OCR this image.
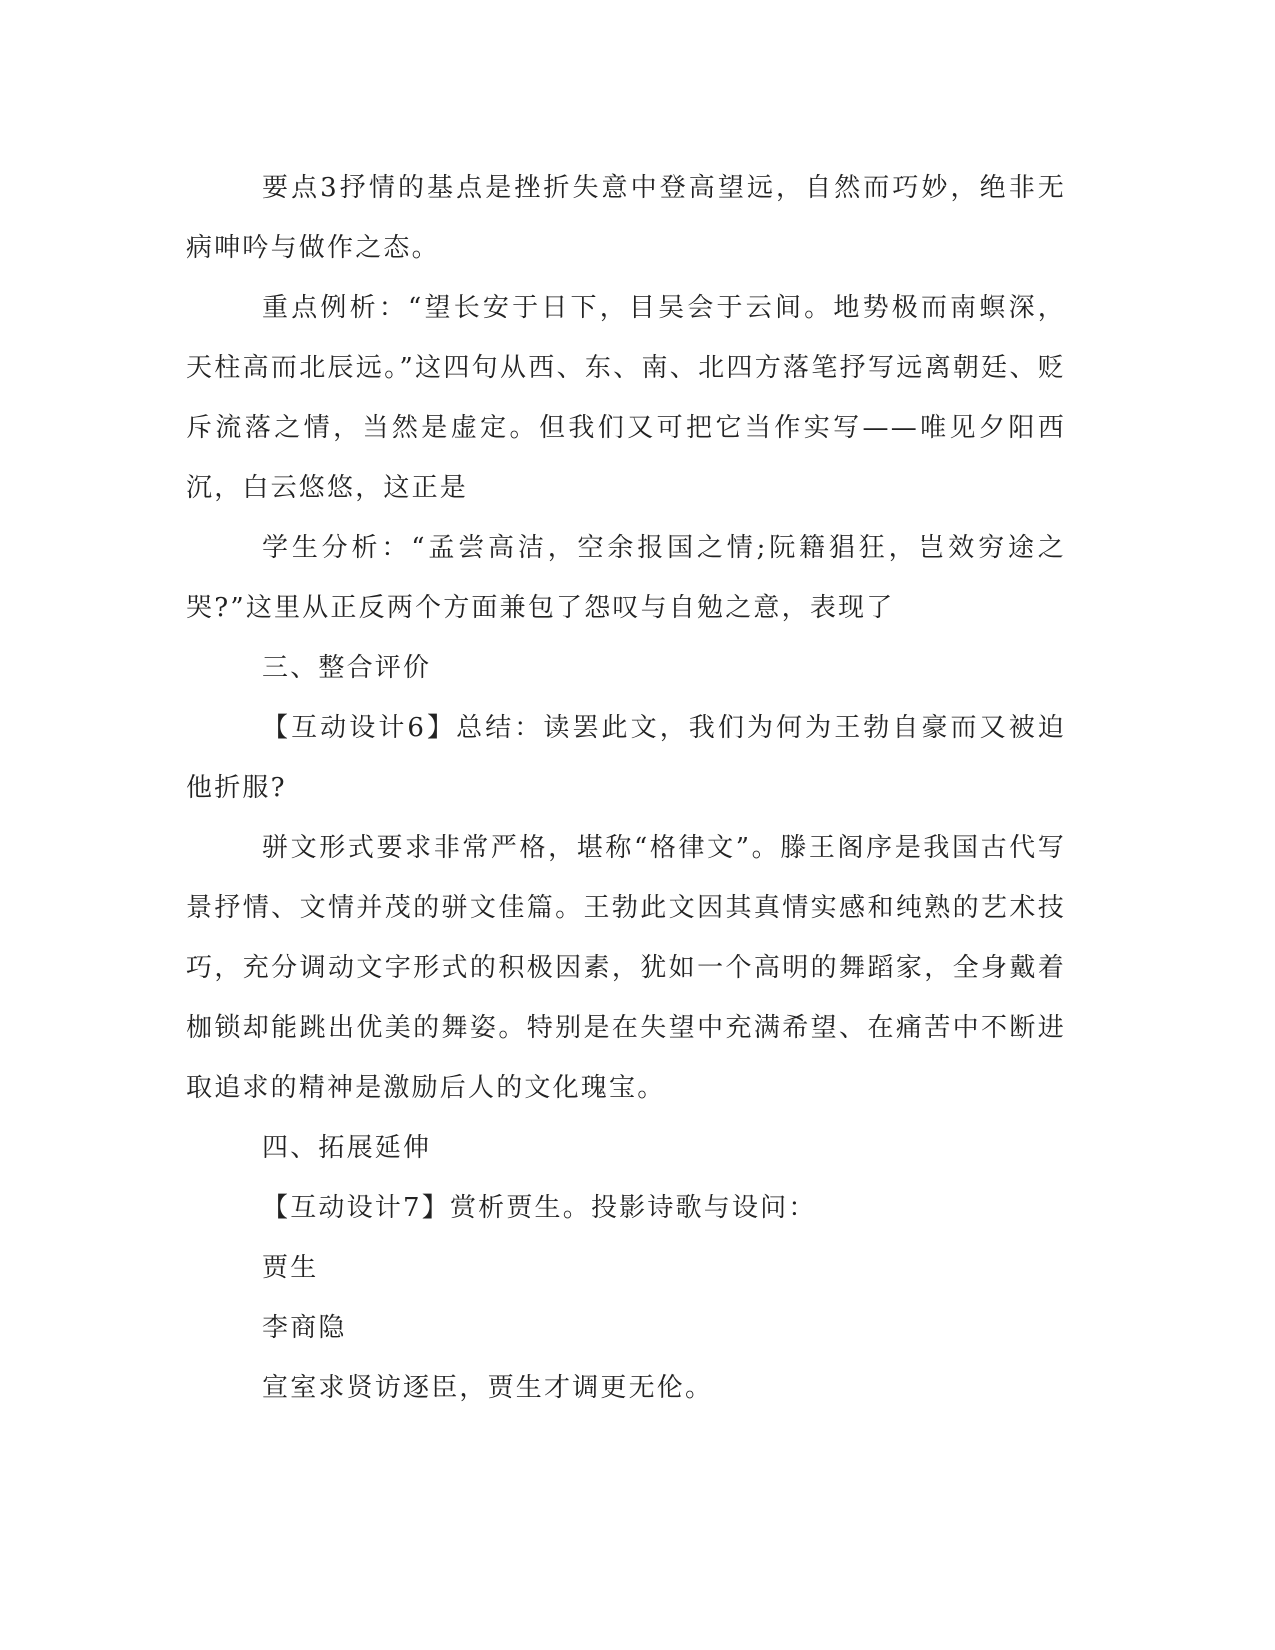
要点3抒情的基点是挫折失意中登高望远，自然而巧妙，绝非无病呻吟与做作之态。

重点例析：“望长安于日下，目吴会于云间。地势极而南螟深，天柱高而北辰远。”这四句从西、东、南、北四方落笔抒写远离朝廷、贬斥流落之情，当然是虚定。但我们又可把它当作实写——唯见夕阳西沉，白云悠悠，这正是

学生分析：“孟尝高洁，空余报国之情;阮籍猖狂，岂效穷途之哭?”这里从正反两个方面兼包了怨叹与自勉之意，表现了

三、整合评价

【互动设计6】总结：读罢此文，我们为何为王勃自豪而又被迫他折服?

骈文形式要求非常严格，堪称“格律文”。滕王阁序是我国古代写景抒情、文情并茂的骈文佳篇。王勃此文因其真情实感和纯熟的艺术技巧，充分调动文字形式的积极因素，犹如一个高明的舞蹈家，全身戴着枷锁却能跳出优美的舞姿。特别是在失望中充满希望、在痛苦中不断进取追求的精神是激励后人的文化瑰宝。

四、拓展延伸

【互动设计7】赏析贾生。投影诗歌与设问：

贾生

李商隐

宣室求贤访逐臣，贾生才调更无伦。
